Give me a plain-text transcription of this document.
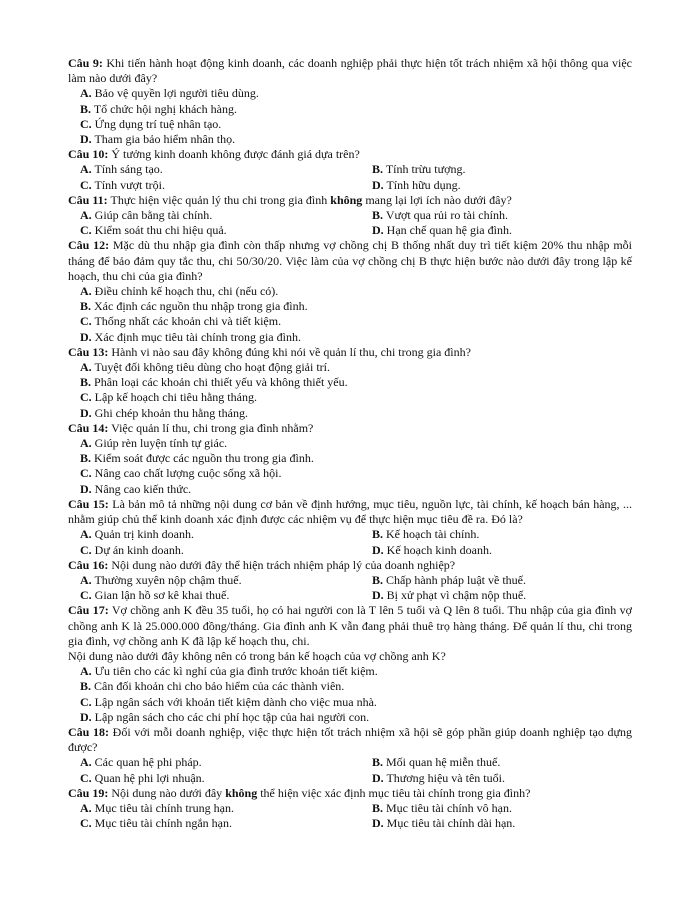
Câu 9: Khi tiến hành hoạt động kinh doanh, các doanh nghiệp phải thực hiện tốt trách nhiệm xã hội thông qua việc làm nào dưới đây?
A. Bảo vệ quyền lợi người tiêu dùng.
B. Tổ chức hội nghị khách hàng.
C. Ứng dụng trí tuệ nhân tạo.
D. Tham gia bảo hiểm nhân thọ.
Câu 10: Ý tưởng kinh doanh không được đánh giá dựa trên?
A. Tính sáng tạo.	B. Tính trừu tượng.
C. Tính vượt trội.	D. Tính hữu dụng.
Câu 11: Thực hiện việc quản lý thu chi trong gia đình không mang lại lợi ích nào dưới đây?
A. Giúp cân bằng tài chính.	B. Vượt qua rủi ro tài chính.
C. Kiểm soát thu chi hiệu quả.	D. Hạn chế quan hệ gia đình.
Câu 12: Mặc dù thu nhập gia đình còn thấp nhưng vợ chồng chị B thống nhất duy trì tiết kiệm 20% thu nhập mỗi tháng để bảo đảm quy tắc thu, chi 50/30/20. Việc làm của vợ chồng chị B thực hiện bước nào dưới đây trong lập kế hoạch, thu chi của gia đình?
A. Điều chỉnh kế hoạch thu, chi (nếu có).
B. Xác định các nguồn thu nhập trong gia đình.
C. Thống nhất các khoản chi và tiết kiệm.
D. Xác định mục tiêu tài chính trong gia đình.
Câu 13: Hành vi nào sau đây không đúng khi nói về quản lí thu, chi trong gia đình?
A. Tuyệt đối không tiêu dùng cho hoạt động giải trí.
B. Phân loại các khoản chi thiết yếu và không thiết yếu.
C. Lập kế hoạch chi tiêu hằng tháng.
D. Ghi chép khoản thu hằng tháng.
Câu 14: Việc quản lí thu, chi trong gia đình nhằm?
A. Giúp rèn luyện tính tự giác.
B. Kiểm soát được các nguồn thu trong gia đình.
C. Nâng cao chất lượng cuộc sống xã hội.
D. Nâng cao kiến thức.
Câu 15: Là bản mô tả những nội dung cơ bản về định hướng, mục tiêu, nguồn lực, tài chính, kế hoạch bán hàng, ... nhằm giúp chủ thể kinh doanh xác định được các nhiệm vụ để thực hiện mục tiêu đề ra. Đó là?
A. Quản trị kinh doanh.	B. Kế hoạch tài chính.
C. Dự án kinh doanh.	D. Kế hoạch kinh doanh.
Câu 16: Nội dung nào dưới đây thể hiện trách nhiệm pháp lý của doanh nghiệp?
A. Thường xuyên nộp chậm thuế.	B. Chấp hành pháp luật về thuế.
C. Gian lận hồ sơ kê khai thuế.	D. Bị xử phạt vì chậm nộp thuế.
Câu 17: Vợ chồng anh K đều 35 tuổi, họ có hai người con là T lên 5 tuổi và Q lên 8 tuổi. Thu nhập của gia đình vợ chồng anh K là 25.000.000 đồng/tháng. Gia đình anh K vẫn đang phải thuê trọ hàng tháng. Để quản lí thu, chi trong gia đình, vợ chồng anh K đã lập kế hoạch thu, chi.
Nội dung nào dưới đây không nên có trong bản kế hoạch của vợ chồng anh K?
A. Ưu tiên cho các kì nghỉ của gia đình trước khoản tiết kiệm.
B. Cân đối khoản chi cho bảo hiểm của các thành viên.
C. Lập ngân sách với khoản tiết kiệm dành cho việc mua nhà.
D. Lập ngân sách cho các chi phí học tập của hai người con.
Câu 18: Đối với mỗi doanh nghiệp, việc thực hiện tốt trách nhiệm xã hội sẽ góp phần giúp doanh nghiệp tạo dựng được?
A. Các quan hệ phi pháp.	B. Mối quan hệ miễn thuế.
C. Quan hệ phi lợi nhuận.	D. Thương hiệu và tên tuổi.
Câu 19: Nội dung nào dưới đây không thể hiện việc xác định mục tiêu tài chính trong gia đình?
A. Mục tiêu tài chính trung hạn.	B. Mục tiêu tài chính vô hạn.
C. Mục tiêu tài chính ngắn hạn.	D. Mục tiêu tài chính dài hạn.
